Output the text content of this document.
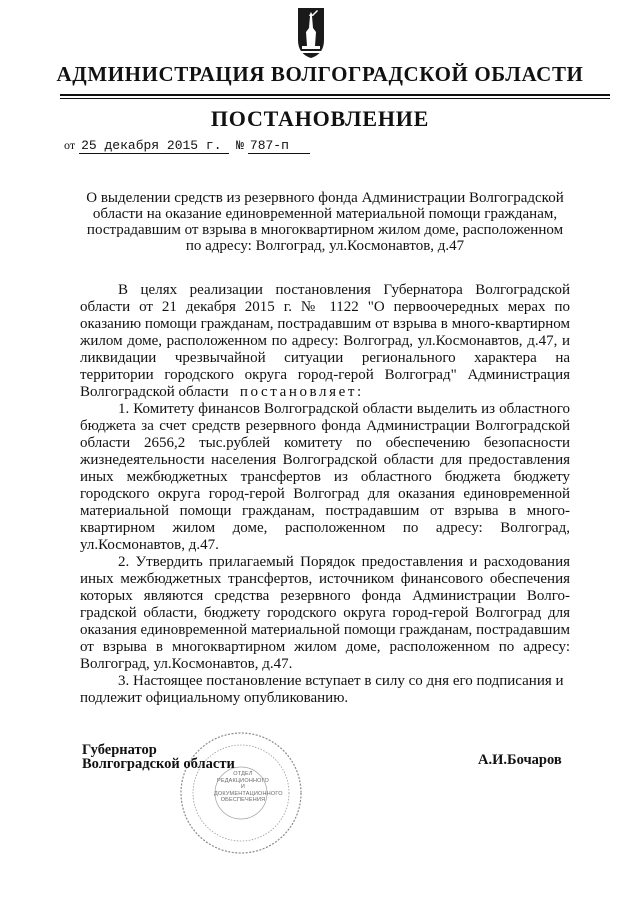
АДМИНИСТРАЦИЯ ВОЛГОГРАДСКОЙ ОБЛАСТИ
ПОСТАНОВЛЕНИЕ
от 25 декабря 2015 г. № 787-п
О выделении средств из резервного фонда Администрации Волгоградской
области на оказание единовременной материальной помощи гражданам,
пострадавшим от взрыва в многоквартирном жилом доме, расположенном
по адресу: Волгоград, ул.Космонавтов, д.47

В целях реализации постановления Губернатора Волгоградской области от 21 декабря 2015 г. № 1122 "О первоочередных мерах по оказанию помощи гражданам, пострадавшим от взрыва в много-квартирном жилом доме, расположенном по адресу: Волгоград, ул.Космонавтов, д.47, и ликвидации чрезвычайной ситуации регионального характера на территории городского округа город-герой Волгоград" Администрация Волгоградской области постановляет:

1. Комитету финансов Волгоградской области выделить из областного бюджета за счет средств резервного фонда Администрации Волгоградской области 2656,2 тыс.рублей комитету по обеспечению безопасности жизнедеятельности населения Волгоградской области для предоставления иных межбюджетных трансфертов из областного бюджета бюджету городского округа город-герой Волгоград для оказания единовременной материальной помощи гражданам, пострадавшим от взрыва в много-квартирном жилом доме, расположенном по адресу: Волгоград, ул.Космонавтов, д.47.

2. Утвердить прилагаемый Порядок предоставления и расходования иных межбюджетных трансфертов, источником финансового обеспечения которых являются средства резервного фонда Администрации Волго-градской области, бюджету городского округа город-герой Волгоград для оказания единовременной материальной помощи гражданам, пострадавшим от взрыва в многоквартирном жилом доме, расположенном по адресу: Волгоград, ул.Космонавтов, д.47.

3. Настоящее постановление вступает в силу со дня его подписания и подлежит официальному опубликованию.

ОТДЕЛ
РЕДАКЦИОННОГО
И ДОКУМЕНТАЦИОННОГО
ОБЕСПЕЧЕНИЯ
Губернатор
Волгоградской области	А.И.Бочаров
